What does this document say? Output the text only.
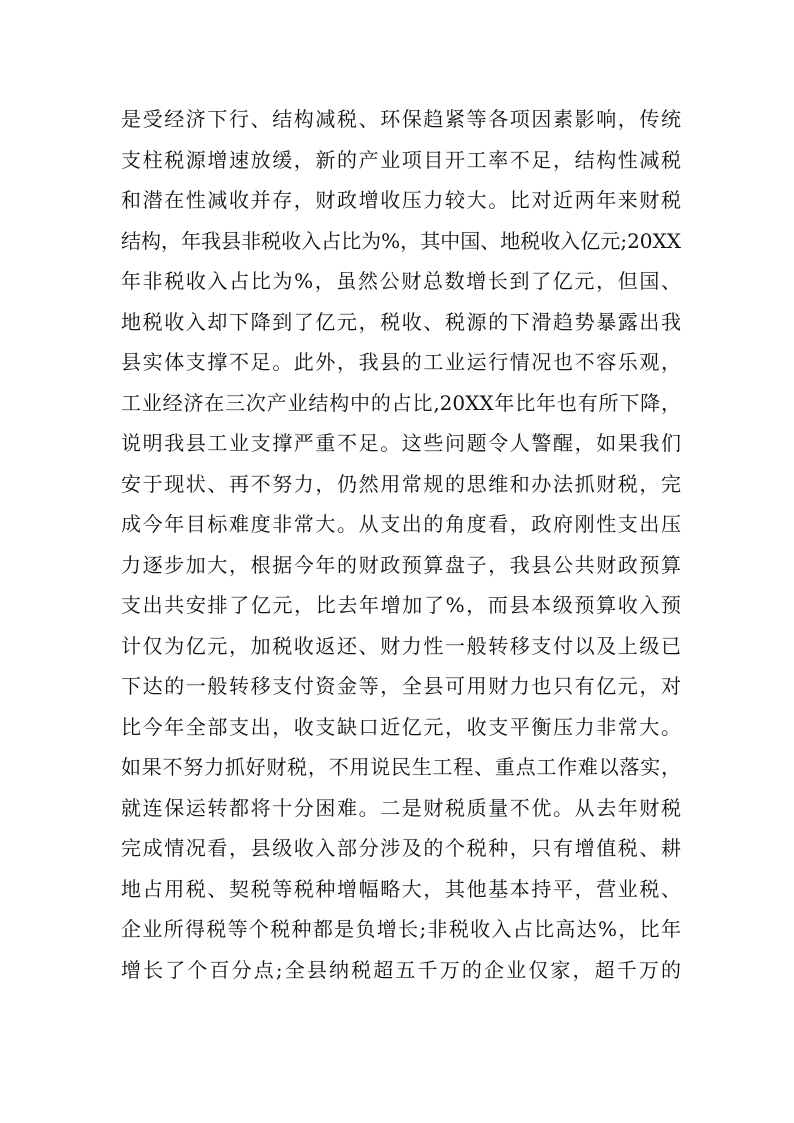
是受经济下行、结构减税、环保趋紧等各项因素影响，传统
支柱税源增速放缓，新的产业项目开工率不足，结构性减税
和潜在性减收并存，财政增收压力较大。比对近两年来财税
结构，年我县非税收入占比为%，其中国、地税收入亿元;20XX
年非税收入占比为%，虽然公财总数增长到了亿元，但国、
地税收入却下降到了亿元，税收、税源的下滑趋势暴露出我
县实体支撑不足。此外，我县的工业运行情况也不容乐观，
工业经济在三次产业结构中的占比,20XX年比年也有所下降，
说明我县工业支撑严重不足。这些问题令人警醒，如果我们
安于现状、再不努力，仍然用常规的思维和办法抓财税，完
成今年目标难度非常大。从支出的角度看，政府刚性支出压
力逐步加大，根据今年的财政预算盘子，我县公共财政预算
支出共安排了亿元，比去年增加了%，而县本级预算收入预
计仅为亿元，加税收返还、财力性一般转移支付以及上级已
下达的一般转移支付资金等，全县可用财力也只有亿元，对
比今年全部支出，收支缺口近亿元，收支平衡压力非常大。
如果不努力抓好财税，不用说民生工程、重点工作难以落实，
就连保运转都将十分困难。二是财税质量不优。从去年财税
完成情况看，县级收入部分涉及的个税种，只有增值税、耕
地占用税、契税等税种增幅略大，其他基本持平，营业税、
企业所得税等个税种都是负增长;非税收入占比高达%，比年
增长了个百分点;全县纳税超五千万的企业仅家，超千万的
